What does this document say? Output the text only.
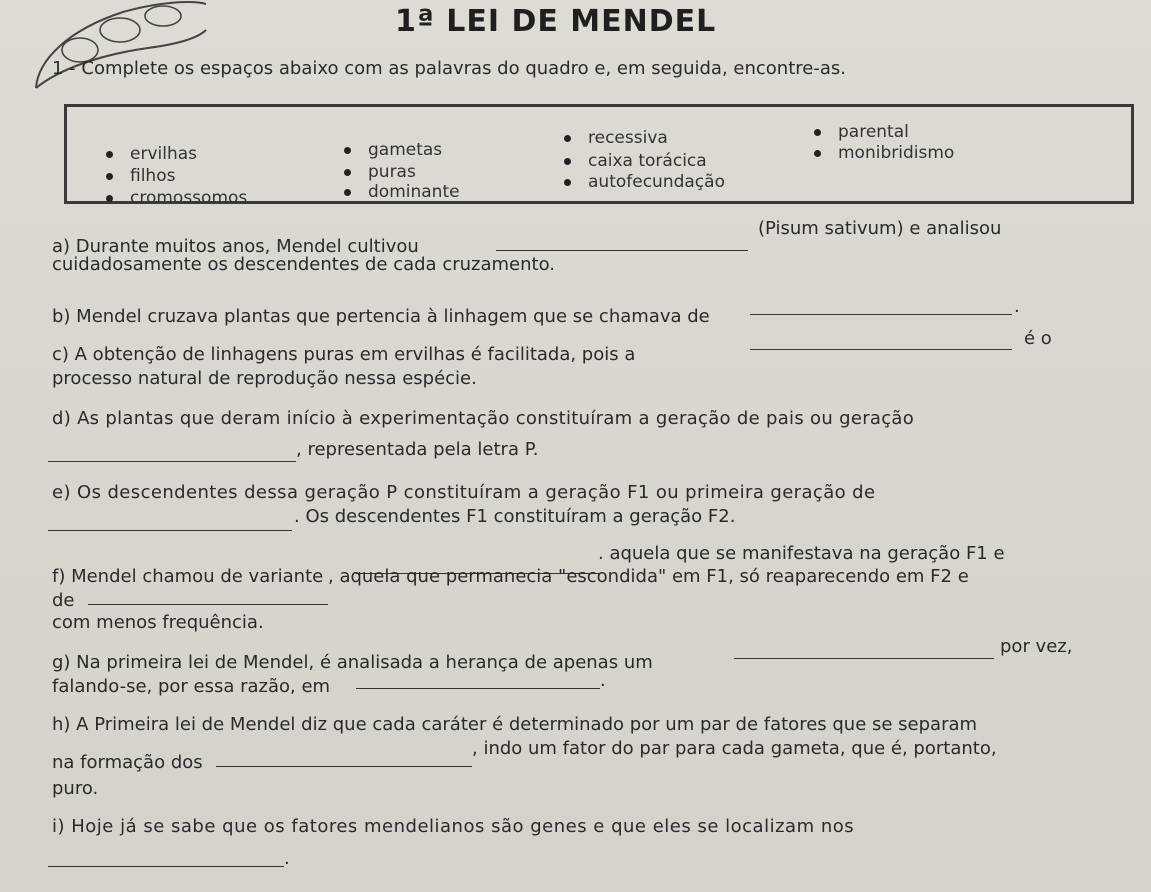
1ª LEI DE MENDEL
1 - Complete os espaços abaixo com as palavras do quadro e, em seguida, encontre-as.
ervilhas
filhos
cromossomos
gametas
puras
dominante
recessiva
caixa torácica
autofecundação
parental
monibridismo
a) Durante muitos anos, Mendel cultivou
(Pisum sativum) e analisou
cuidadosamente os descendentes de cada cruzamento.
b) Mendel cruzava plantas que pertencia à linhagem que se chamava de	.
c) A obtenção de linhagens puras em ervilhas é facilitada, pois a
é o
processo natural de reprodução nessa espécie.
d) As plantas que deram início à experimentação constituíram a geração de pais ou geração
, representada pela letra P.
e) Os descendentes dessa geração P constituíram a geração F1 ou primeira geração de
. Os descendentes F1 constituíram a geração F2.
f) Mendel chamou de variante
. aquela que se manifestava na geração F1 e
de
, aquela que permanecia "escondida" em F1, só reaparecendo em F2 e
com menos frequência.
g) Na primeira lei de Mendel, é analisada a herança de apenas um
por vez,
falando-se, por essa razão, em	.
h) A Primeira lei de Mendel diz que cada caráter é determinado por um par de fatores que se separam
na formação dos
, indo um fator do par para cada gameta, que é, portanto,
puro.
i) Hoje já se sabe que os fatores mendelianos são genes e que eles se localizam nos
.
